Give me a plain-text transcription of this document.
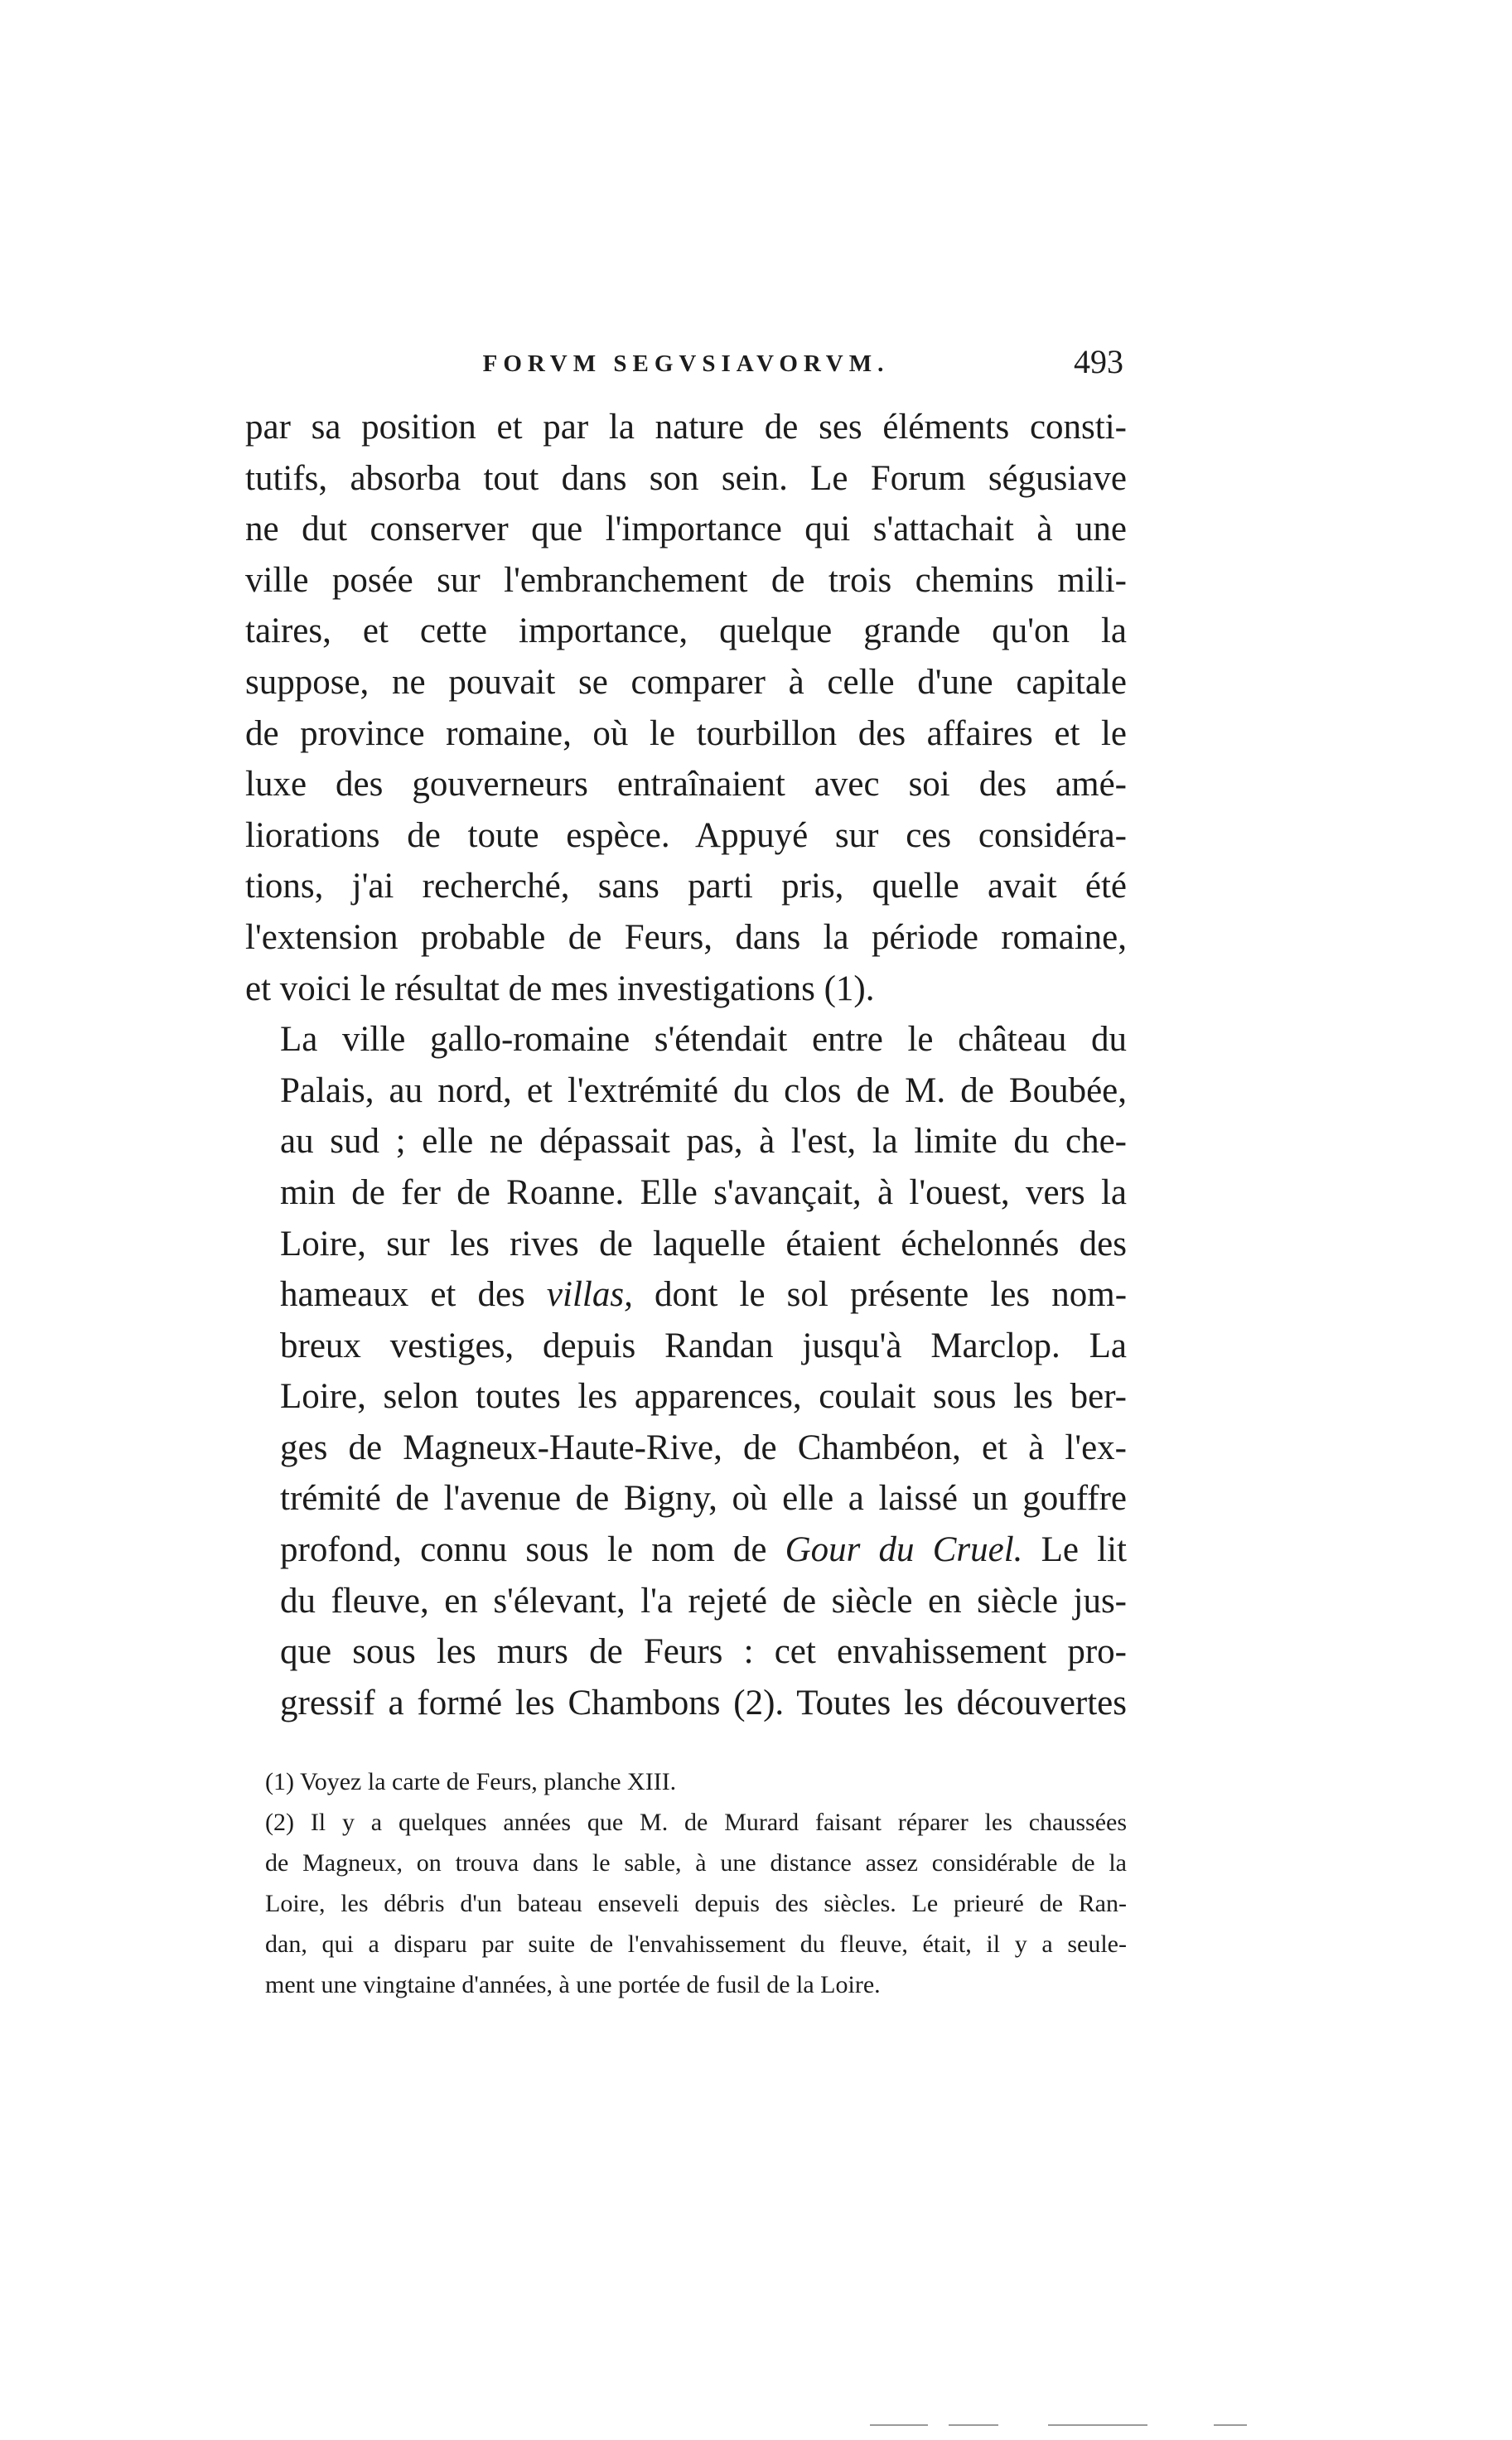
FORVM SEGVSIAVORVM.	493

par sa position et par la nature de ses éléments consti-
tutifs, absorba tout dans son sein. Le Forum ségusiave
ne dut conserver que l'importance qui s'attachait à une
ville posée sur l'embranchement de trois chemins mili-
taires, et cette importance, quelque grande qu'on la
suppose, ne pouvait se comparer à celle d'une capitale
de province romaine, où le tourbillon des affaires et le
luxe des gouverneurs entraînaient avec soi des amé-
liorations de toute espèce. Appuyé sur ces considéra-
tions, j'ai recherché, sans parti pris, quelle avait été
l'extension probable de Feurs, dans la période romaine,
et voici le résultat de mes investigations (1).

La ville gallo-romaine s'étendait entre le château du
Palais, au nord, et l'extrémité du clos de M. de Boubée,
au sud ; elle ne dépassait pas, à l'est, la limite du che-
min de fer de Roanne. Elle s'avançait, à l'ouest, vers la
Loire, sur les rives de laquelle étaient échelonnés des
hameaux et des villas, dont le sol présente les nom-
breux vestiges, depuis Randan jusqu'à Marclop. La
Loire, selon toutes les apparences, coulait sous les ber-
ges de Magneux-Haute-Rive, de Chambéon, et à l'ex-
trémité de l'avenue de Bigny, où elle a laissé un gouffre
profond, connu sous le nom de Gour du Cruel. Le lit
du fleuve, en s'élevant, l'a rejeté de siècle en siècle jus-
que sous les murs de Feurs : cet envahissement pro-
gressif a formé les Chambons (2). Toutes les découvertes

(1) Voyez la carte de Feurs, planche XIII.

(2) Il y a quelques années que M. de Murard faisant réparer les chaussées
de Magneux, on trouva dans le sable, à une distance assez considérable de la
Loire, les débris d'un bateau enseveli depuis des siècles. Le prieuré de Ran-
dan, qui a disparu par suite de l'envahissement du fleuve, était, il y a seule-
ment une vingtaine d'années, à une portée de fusil de la Loire.
